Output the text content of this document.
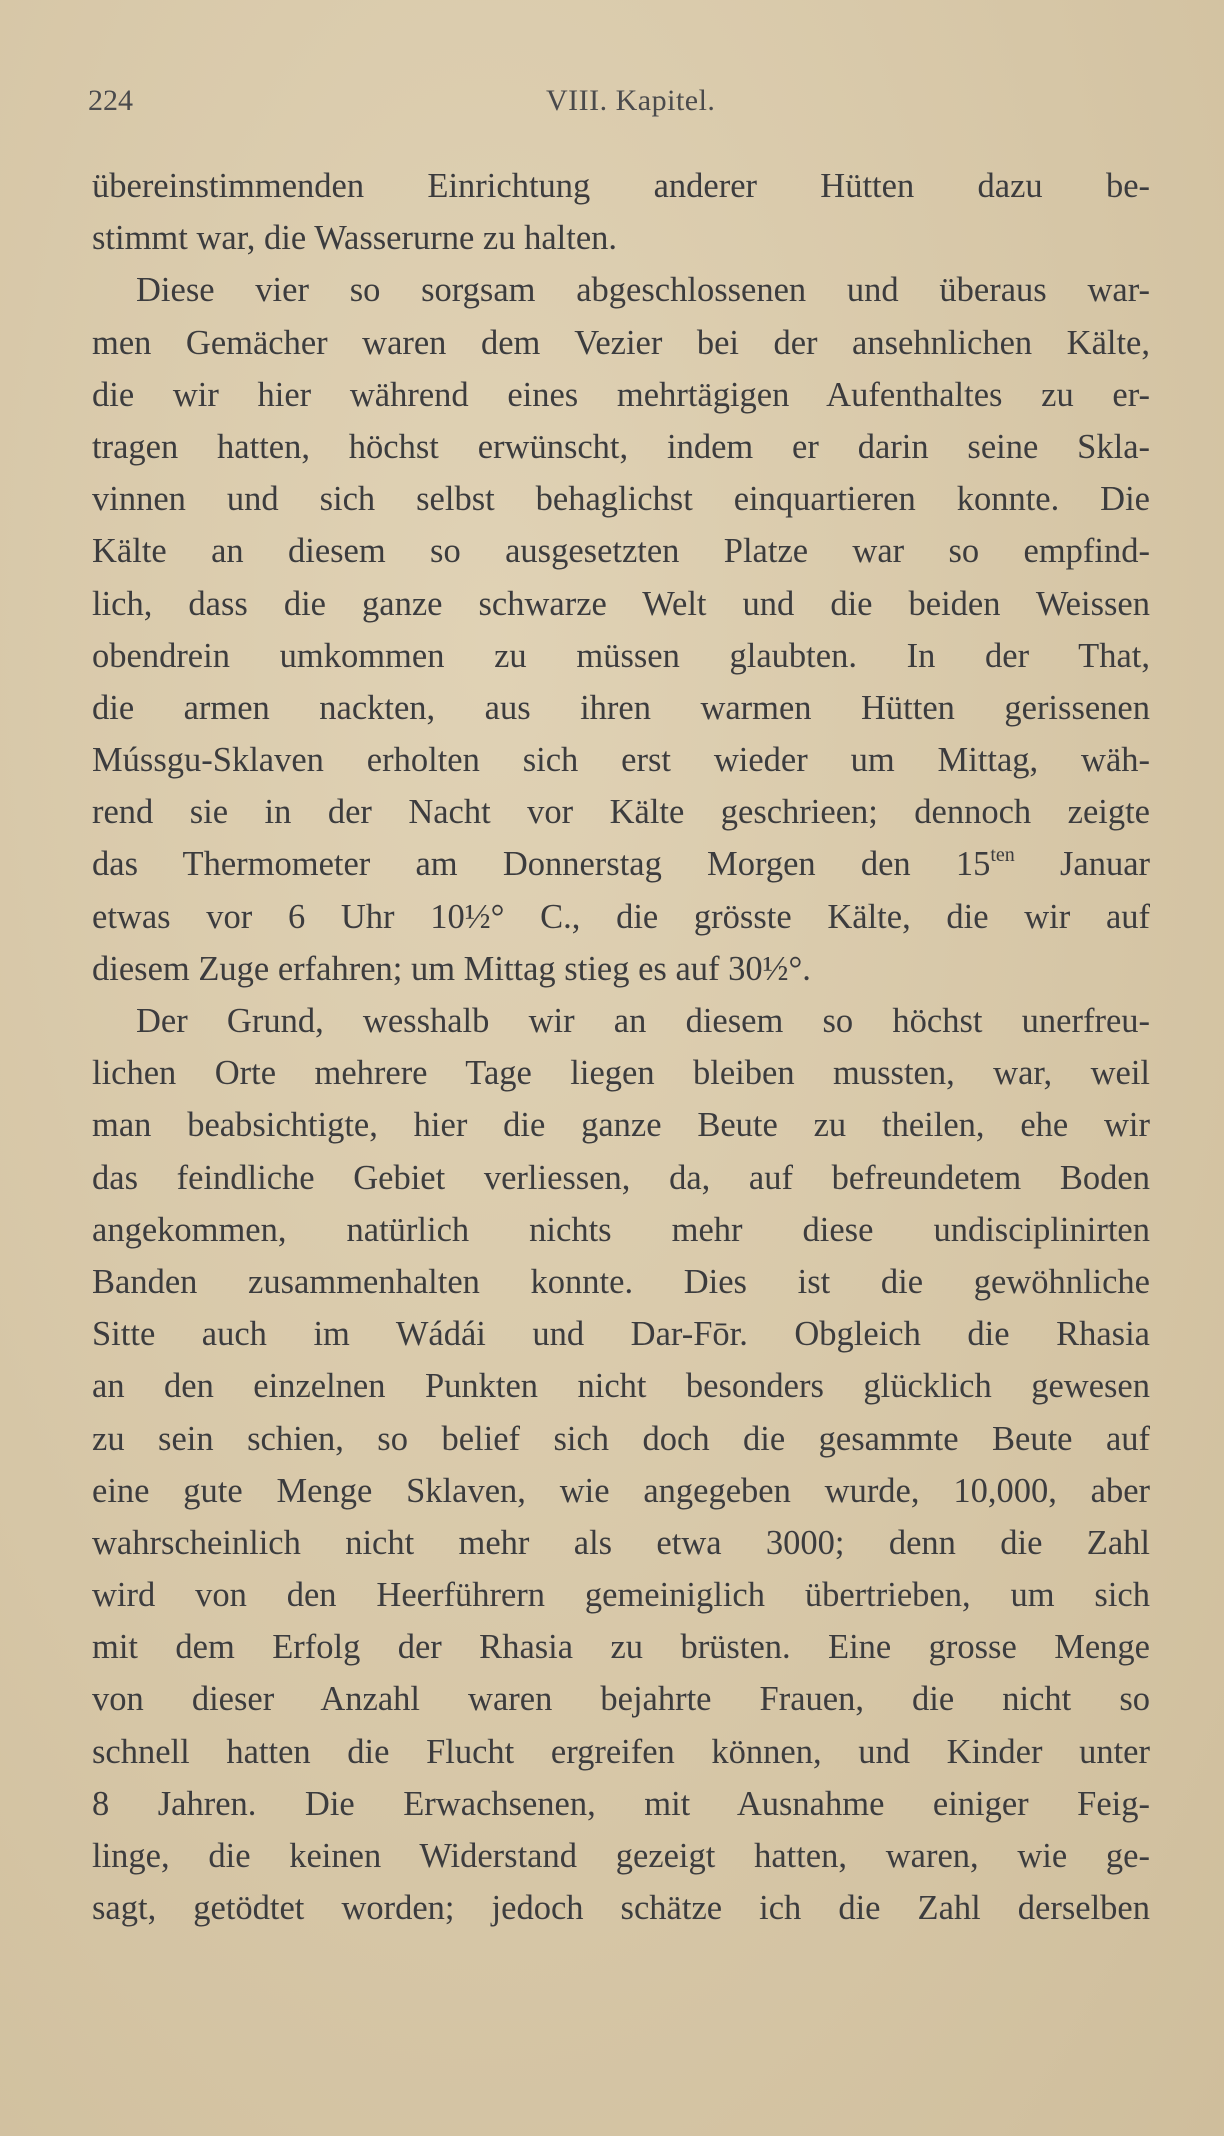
224	VIII. Kapitel.
übereinstimmenden Einrichtung anderer Hütten dazu be-
stimmt war, die Wasserurne zu halten.
Diese vier so sorgsam abgeschlossenen und überaus war-
men Gemächer waren dem Vezier bei der ansehnlichen Kälte,
die wir hier während eines mehrtägigen Aufenthaltes zu er-
tragen hatten, höchst erwünscht, indem er darin seine Skla-
vinnen und sich selbst behaglichst einquartieren konnte. Die
Kälte an diesem so ausgesetzten Platze war so empfind-
lich, dass die ganze schwarze Welt und die beiden Weissen
obendrein umkommen zu müssen glaubten. In der That,
die armen nackten, aus ihren warmen Hütten gerissenen
Mússgu-Sklaven erholten sich erst wieder um Mittag, wäh-
rend sie in der Nacht vor Kälte geschrieen; dennoch zeigte
das Thermometer am Donnerstag Morgen den $15^{ten}$ Januar
etwas vor 6 Uhr 10½° C., die grösste Kälte, die wir auf
diesem Zuge erfahren; um Mittag stieg es auf 30½°.
Der Grund, wesshalb wir an diesem so höchst unerfreu-
lichen Orte mehrere Tage liegen bleiben mussten, war, weil
man beabsichtigte, hier die ganze Beute zu theilen, ehe wir
das feindliche Gebiet verliessen, da, auf befreundetem Boden
angekommen, natürlich nichts mehr diese undisciplinirten
Banden zusammenhalten konnte. Dies ist die gewöhnliche
Sitte auch im Wádái und Dar-Fōr. Obgleich die Rhasia
an den einzelnen Punkten nicht besonders glücklich gewesen
zu sein schien, so belief sich doch die gesammte Beute auf
eine gute Menge Sklaven, wie angegeben wurde, 10,000, aber
wahrscheinlich nicht mehr als etwa 3000; denn die Zahl
wird von den Heerführern gemeiniglich übertrieben, um sich
mit dem Erfolg der Rhasia zu brüsten. Eine grosse Menge
von dieser Anzahl waren bejahrte Frauen, die nicht so
schnell hatten die Flucht ergreifen können, und Kinder unter
8 Jahren. Die Erwachsenen, mit Ausnahme einiger Feig-
linge, die keinen Widerstand gezeigt hatten, waren, wie ge-
sagt, getödtet worden; jedoch schätze ich die Zahl derselben
